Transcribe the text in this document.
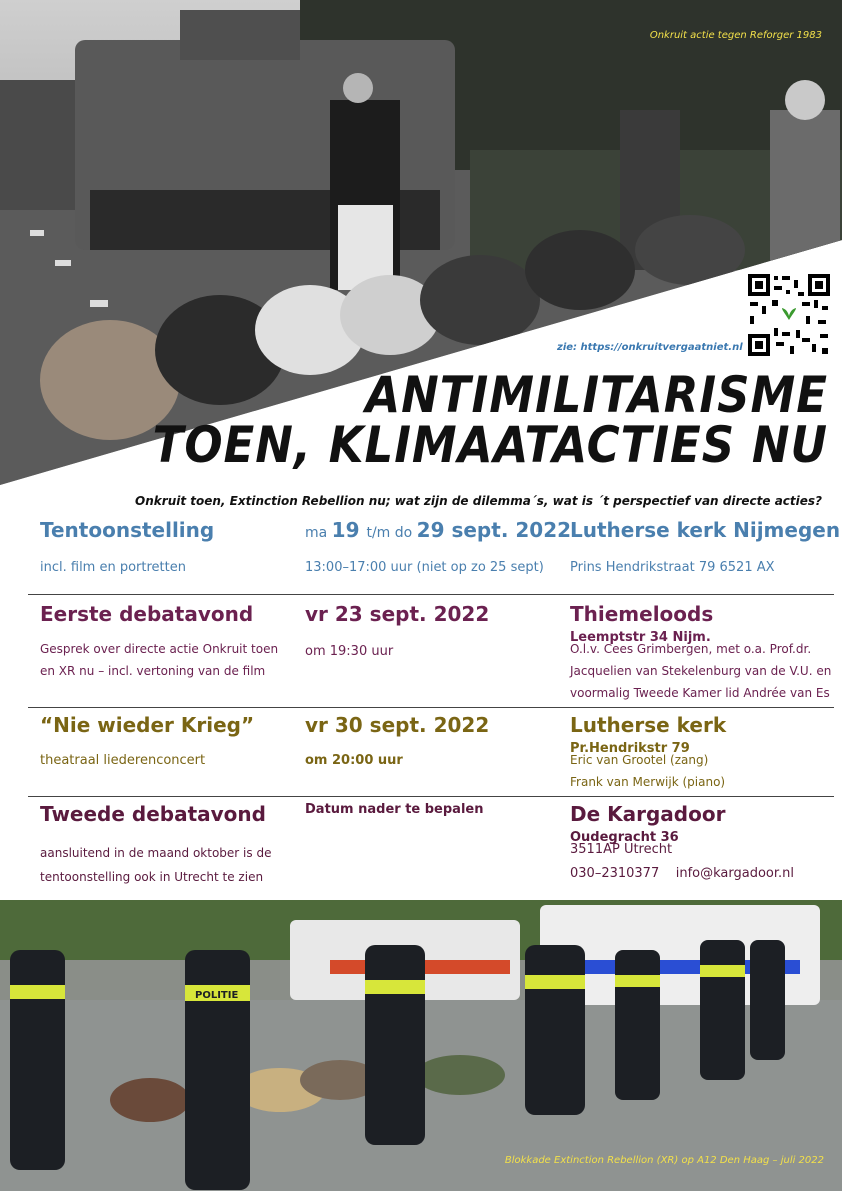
Onkruit actie tegen Reforger 1983
zie: https://onkruitvergaatniet.nl
ANTIMILITARISME
TOEN, KLIMAATACTIES NU
Onkruit toen, Extinction Rebellion nu; wat zijn de dilemma´s, wat is ´t perspectief van directe acties?
Tentoonstelling
incl. film en portretten
ma 19 t/m do 29 sept. 2022
13:00–17:00 uur (niet op zo 25 sept)
Lutherse kerk Nijmegen
Prins Hendrikstraat 79 6521 AX
Eerste debatavond
Gesprek over directe actie Onkruit toen
en XR nu – incl. vertoning van de film
vr 23 sept. 2022
om 19:30 uur
Thiemeloods Leemptstr 34 Nijm.
O.l.v. Cees Grimbergen, met o.a. Prof.dr.
Jacquelien van Stekelenburg van de V.U. en
voormalig Tweede Kamer lid Andrée van Es
“Nie wieder Krieg”
theatraal liederenconcert
vr 30 sept. 2022
om 20:00 uur
Lutherse kerk Pr.Hendrikstr 79
Eric van Grootel (zang)
Frank van Merwijk (piano)
Tweede debatavond
aansluitend in de maand oktober is de
tentoonstelling ook in Utrecht te zien
Datum nader te bepalen	De Kargadoor Oudegracht 36
3511AP Utrecht
030–2310377    info@kargadoor.nl
POLITIE
Blokkade Extinction Rebellion (XR) op A12 Den Haag – juli 2022
